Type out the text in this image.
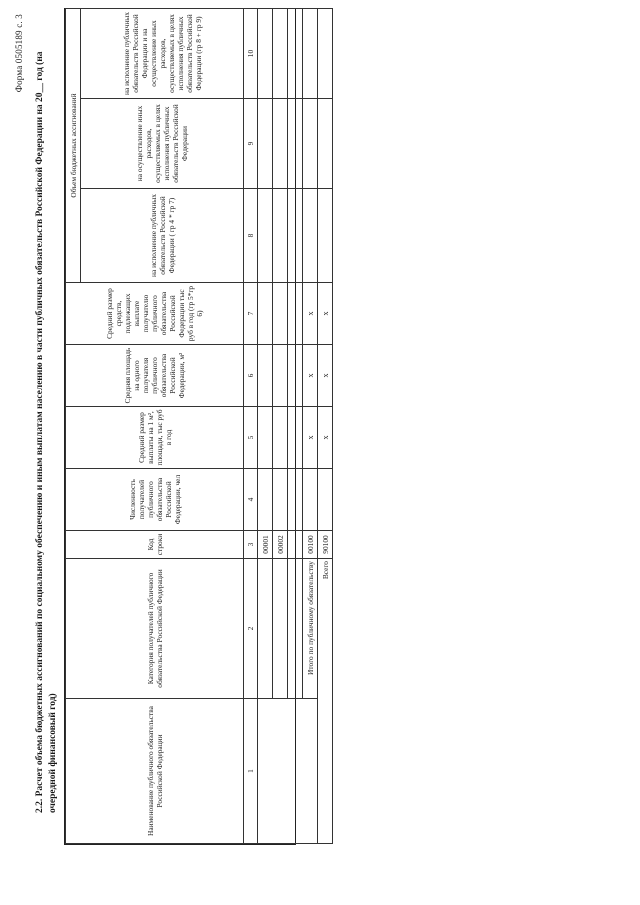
Форма 0505189 с. 3 2.2. Расчет объема бюджетных ассигнований по социальному обеспечению и иным выплатам населению в части публичных обязательств Российской Федерации на 20__ год (на очередной финансовый год)	Наименование публичного обязательства Российской Федерации	Категория получателей публичного обязательства Российской Федерации	Код строки	Численность получателей публичного обязательства Российской Федерации, чел	Средний размер выплаты на 1 м², площади, тыс руб в год	Средняя площадь на одного получателя публичного обязательства Российской Федерации, м²	Средний размер средств, подлежащих выплате получателю публичного обязательства Российской Федерации тыс руб в год (гр 5*гр 6)	Объем бюджетных ассигнований		
							на исполнение публичных обязательств Российской Федерации ( гр 4 * гр 7)	на осуществление иных расходов, осуществляемых в целях исполнения публичных обязательств Российской Федерации	на исполнение публичных обязательств Российской Федерации и на осуществление иных расходов, осуществляемых в целях исполнения публичных обязательств Российской Федерации (гр 8 + гр 9)
1	2	3	4	5	6	7	8	9	10
		00001							
		00002							

	Итого по публичному обязательству	00100		x	x	x			
Всего		90100		x	x	x			
